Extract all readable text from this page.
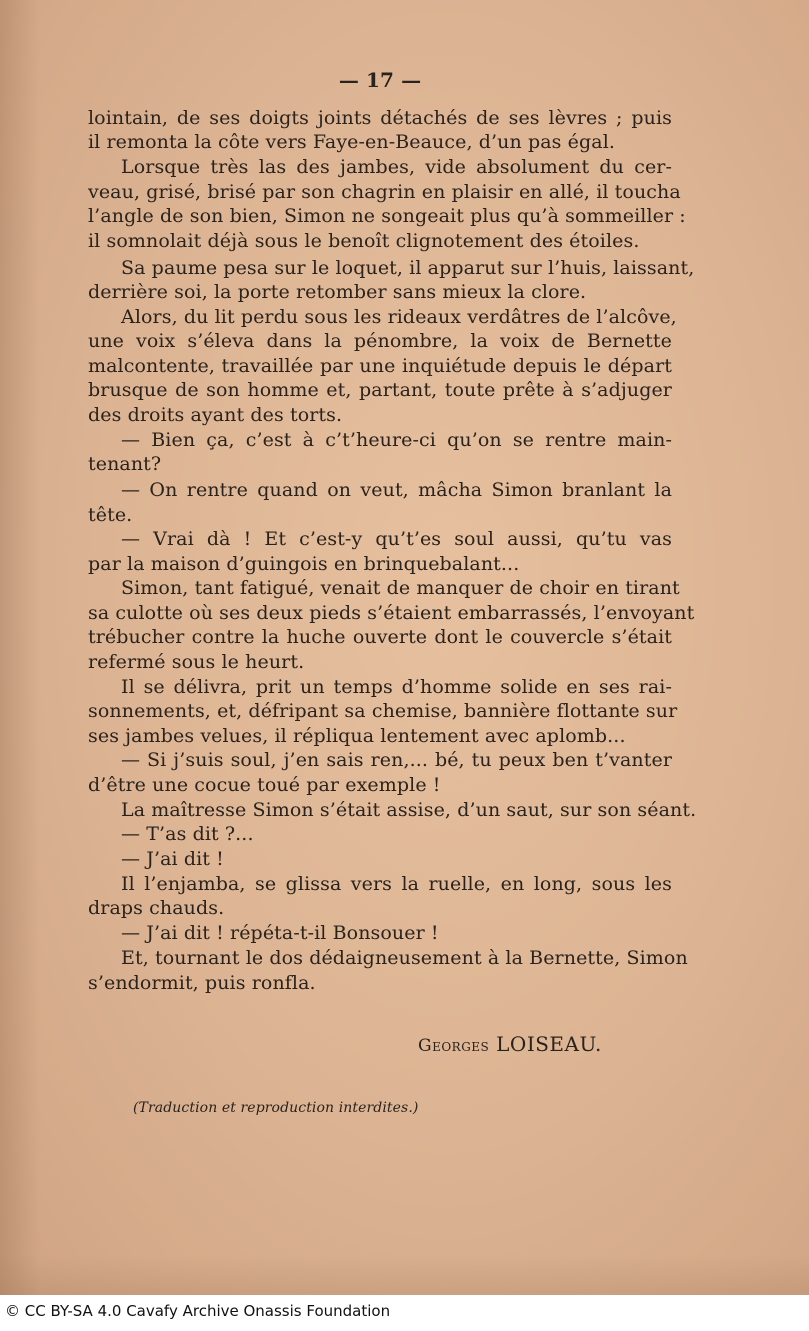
— 17 —
lointain, de ses doigts joints détachés de ses lèvres ; puis
il remonta la côte vers Faye-en-Beauce, d’un pas égal.
Lorsque très las des jambes, vide absolument du cer-
veau, grisé, brisé par son chagrin en plaisir en allé, il toucha
l’angle de son bien, Simon ne songeait plus qu’à sommeiller :
il somnolait déjà sous le benoît clignotement des étoiles.
Sa paume pesa sur le loquet, il apparut sur l’huis, laissant,
derrière soi, la porte retomber sans mieux la clore.
Alors, du lit perdu sous les rideaux verdâtres de l’alcôve,
une voix s’éleva dans la pénombre, la voix de Bernette
malcontente, travaillée par une inquiétude depuis le départ
brusque de son homme et, partant, toute prête à s’adjuger
des droits ayant des torts.
— Bien ça, c’est à c’t’heure-ci qu’on se rentre main-
tenant?
— On rentre quand on veut, mâcha Simon branlant la
tête.
— Vrai dà ! Et c’est-y qu’t’es soul aussi, qu’tu vas
par la maison d’guingois en brinquebalant...
Simon, tant fatigué, venait de manquer de choir en tirant
sa culotte où ses deux pieds s’étaient embarrassés, l’envoyant
trébucher contre la huche ouverte dont le couvercle s’était
refermé sous le heurt.
Il se délivra, prit un temps d’homme solide en ses rai-
sonnements, et, défripant sa chemise, bannière flottante sur
ses jambes velues, il répliqua lentement avec aplomb...
— Si j’suis soul, j’en sais ren,... bé, tu peux ben t’vanter
d’être une cocue toué par exemple !
La maîtresse Simon s’était assise, d’un saut, sur son séant.
— T’as dit ?...
— J’ai dit !
Il l’enjamba, se glissa vers la ruelle, en long, sous les
draps chauds.
— J’ai dit ! répéta-t-il Bonsouer !
Et, tournant le dos dédaigneusement à la Bernette, Simon
s’endormit, puis ronfla.
Georges LOISEAU.
(Traduction et reproduction interdites.)
© CC BY-SA 4.0 Cavafy Archive Onassis Foundation
